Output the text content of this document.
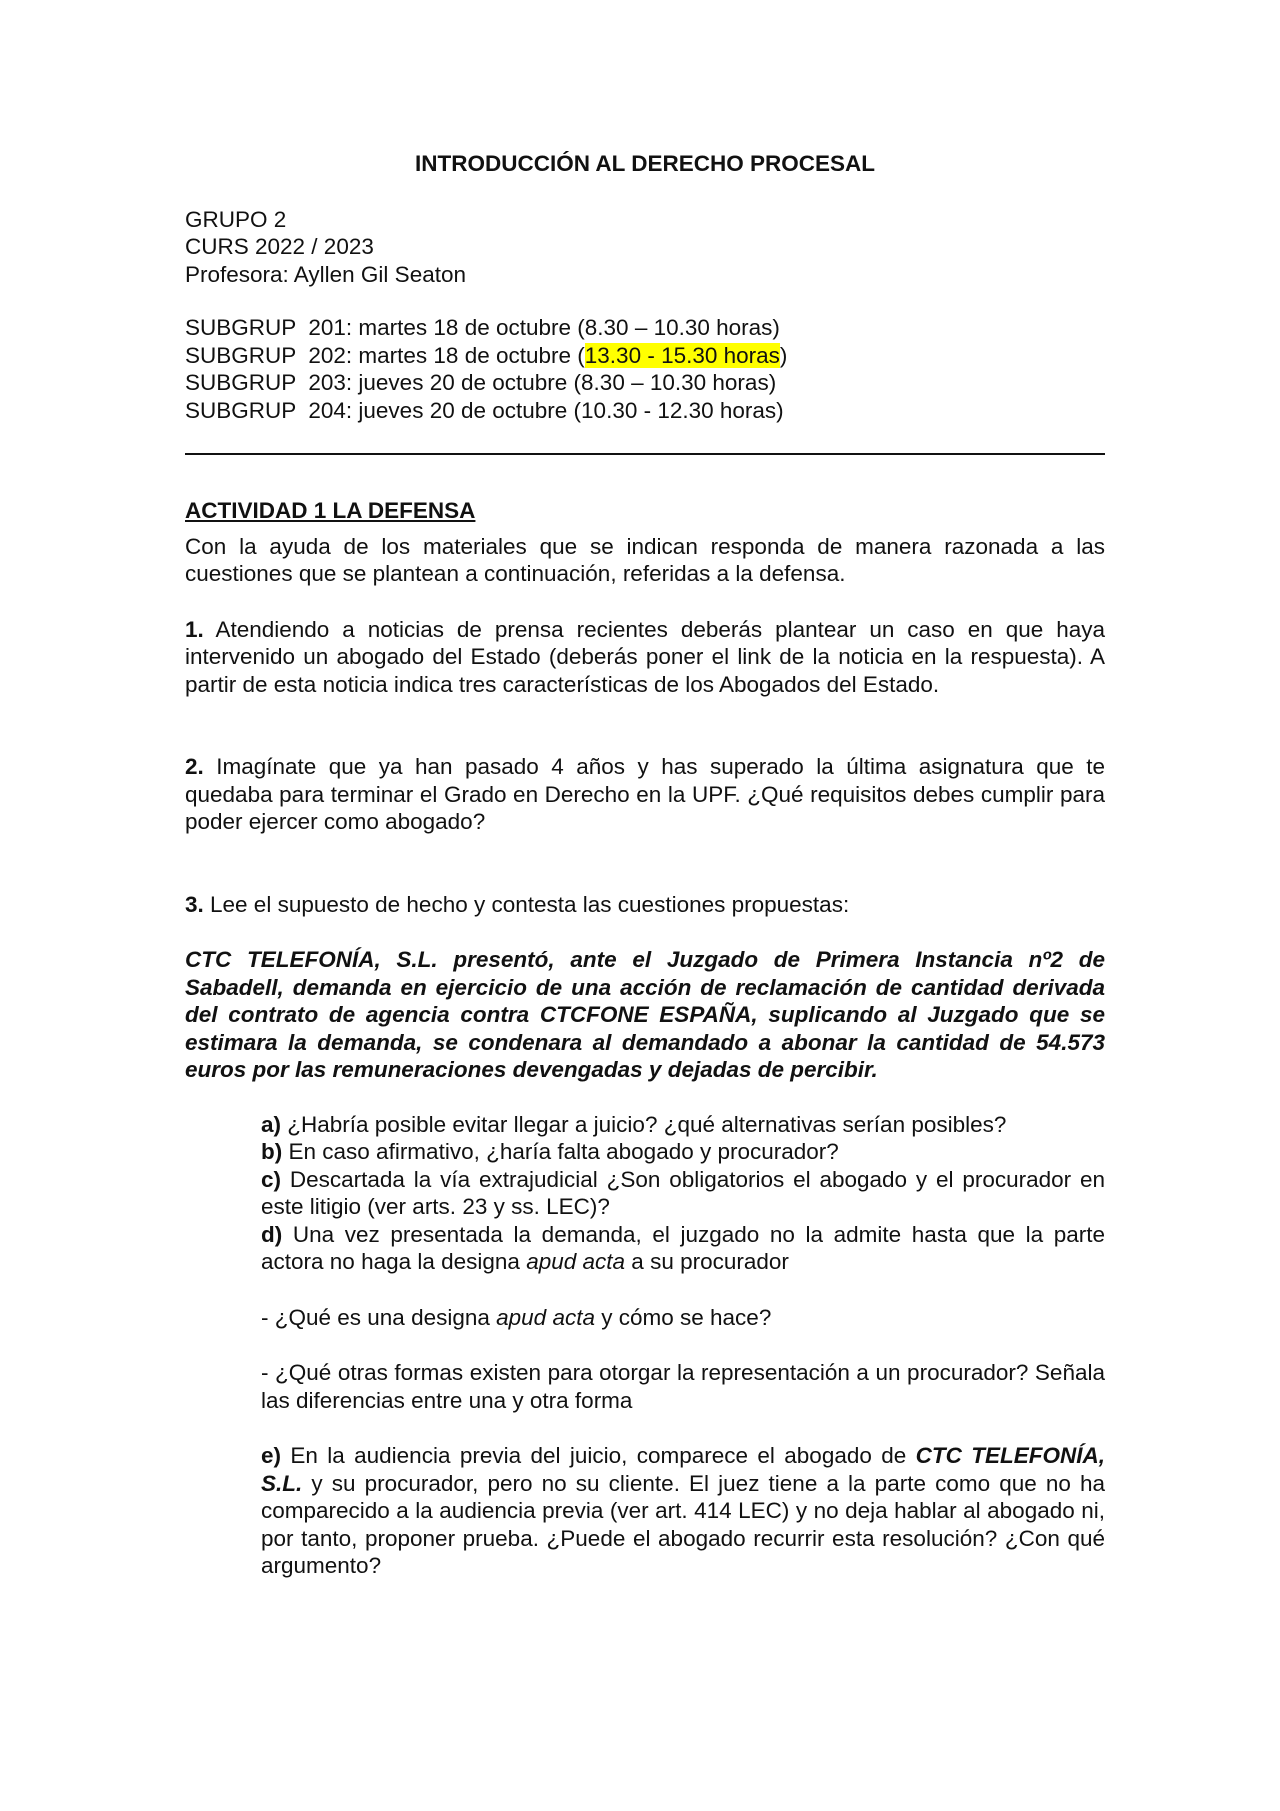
INTRODUCCIÓN AL DERECHO PROCESAL

GRUPO 2

CURS 2022 / 2023

Profesora: Ayllen Gil Seaton

SUBGRUP  201: martes 18 de octubre (8.30 – 10.30 horas)

SUBGRUP  202: martes 18 de octubre (13.30 - 15.30 horas)

SUBGRUP  203: jueves 20 de octubre (8.30 – 10.30 horas)

SUBGRUP  204: jueves 20 de octubre (10.30 - 12.30 horas)

ACTIVIDAD 1 LA DEFENSA

Con la ayuda de los materiales que se indican responda de manera razonada a las cuestiones que se plantean a continuación, referidas a la defensa.

1. Atendiendo a noticias de prensa recientes deberás plantear un caso en que haya intervenido un abogado del Estado (deberás poner el link de la noticia en la respuesta). A partir de esta noticia indica tres características de los Abogados del Estado.

2. Imagínate que ya han pasado 4 años y has superado la última asignatura que te quedaba para terminar el Grado en Derecho en la UPF. ¿Qué requisitos debes cumplir para poder ejercer como abogado?

3. Lee el supuesto de hecho y contesta las cuestiones propuestas:

CTC TELEFONÍA, S.L. presentó, ante el Juzgado de Primera Instancia nº2 de Sabadell, demanda en ejercicio de una acción de reclamación de cantidad derivada del contrato de agencia contra CTCFONE ESPAÑA, suplicando al Juzgado que se estimara la demanda, se condenara al demandado a abonar la cantidad de 54.573 euros por las remuneraciones devengadas y dejadas de percibir.

a) ¿Habría posible evitar llegar a juicio? ¿qué alternativas serían posibles?

b) En caso afirmativo, ¿haría falta abogado y procurador?

c) Descartada la vía extrajudicial ¿Son obligatorios el abogado y el procurador en este litigio (ver arts. 23 y ss. LEC)?

d) Una vez presentada la demanda, el juzgado no la admite hasta que la parte actora no haga la designa apud acta a su procurador

- ¿Qué es una designa apud acta y cómo se hace?

- ¿Qué otras formas existen para otorgar la representación a un procurador? Señala las diferencias entre una y otra forma

e) En la audiencia previa del juicio, comparece el abogado de CTC TELEFONÍA, S.L. y su procurador, pero no su cliente. El juez tiene a la parte como que no ha comparecido a la audiencia previa (ver art. 414 LEC) y no deja hablar al abogado ni, por tanto, proponer prueba. ¿Puede el abogado recurrir esta resolución? ¿Con qué argumento?
